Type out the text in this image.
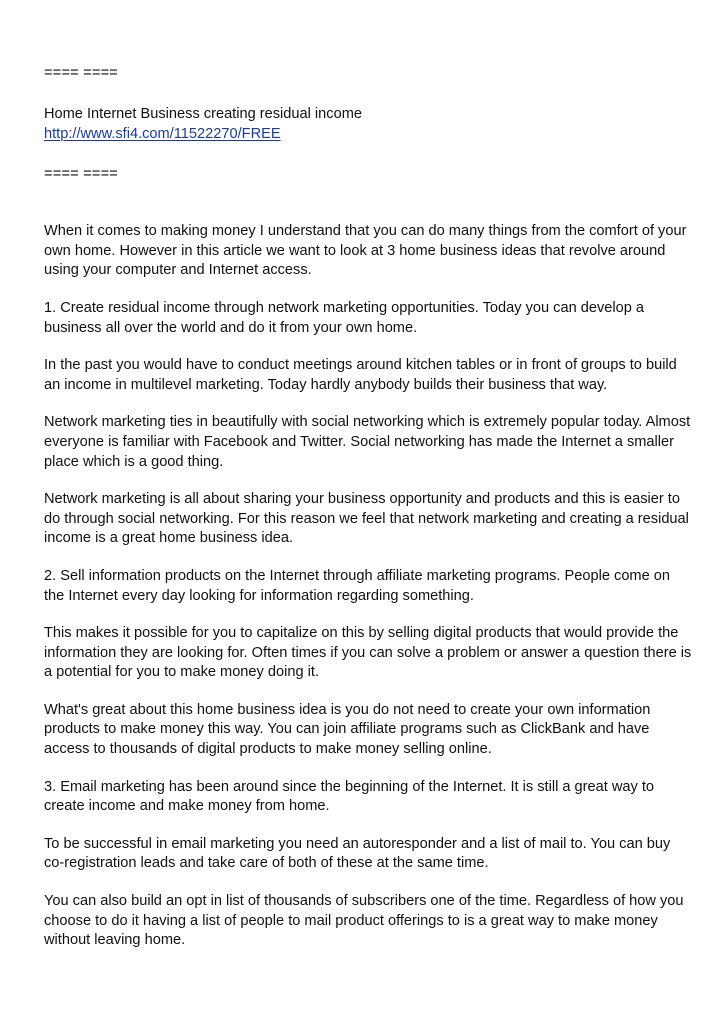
==== ====
Home Internet Business creating residual income
http://www.sfi4.com/11522270/FREE
==== ====

When it comes to making money I understand that you can do many things from the comfort of your own home. However in this article we want to look at 3 home business ideas that revolve around using your computer and Internet access.

1. Create residual income through network marketing opportunities. Today you can develop a business all over the world and do it from your own home.

In the past you would have to conduct meetings around kitchen tables or in front of groups to build an income in multilevel marketing. Today hardly anybody builds their business that way.

Network marketing ties in beautifully with social networking which is extremely popular today. Almost everyone is familiar with Facebook and Twitter. Social networking has made the Internet a smaller place which is a good thing.

Network marketing is all about sharing your business opportunity and products and this is easier to do through social networking. For this reason we feel that network marketing and creating a residual income is a great home business idea.

2. Sell information products on the Internet through affiliate marketing programs. People come on the Internet every day looking for information regarding something.

This makes it possible for you to capitalize on this by selling digital products that would provide the information they are looking for. Often times if you can solve a problem or answer a question there is a potential for you to make money doing it.

What's great about this home business idea is you do not need to create your own information products to make money this way. You can join affiliate programs such as ClickBank and have access to thousands of digital products to make money selling online.

3. Email marketing has been around since the beginning of the Internet. It is still a great way to create income and make money from home.

To be successful in email marketing you need an autoresponder and a list of mail to. You can buy co-registration leads and take care of both of these at the same time.

You can also build an opt in list of thousands of subscribers one of the time. Regardless of how you choose to do it having a list of people to mail product offerings to is a great way to make money without leaving home.
